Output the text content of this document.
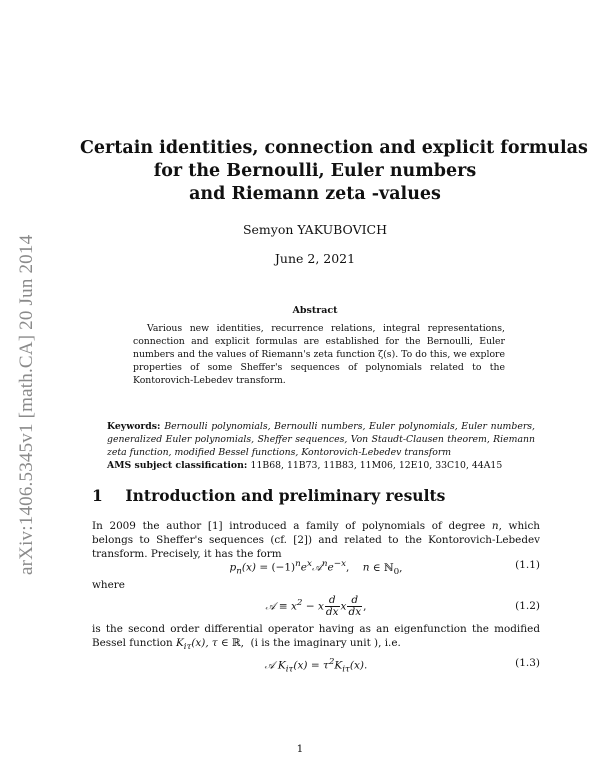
arXiv:1406.5345v1 [math.CA] 20 Jun 2014
Certain identities, connection and explicit formulas
for the Bernoulli, Euler numbers
and Riemann zeta -values
Semyon YAKUBOVICH
June 2, 2021
Abstract

Various new identities, recurrence relations, integral representations, connection and explicit formulas are established for the Bernoulli, Euler numbers and the values of Riemann's zeta function ζ(s). To do this, we explore properties of some Sheffer's sequences of polynomials related to the Kontorovich-Lebedev transform.

Keywords: Bernoulli polynomials, Bernoulli numbers, Euler polynomials, Euler numbers, generalized Euler polynomials, Sheffer sequences, Von Staudt-Clausen theorem, Riemann zeta function, modified Bessel functions, Kontorovich-Lebedev transform
AMS subject classification: 11B68, 11B73, 11B83, 11M06, 12E10, 33C10, 44A15
1 Introduction and preliminary results
In 2009 the author [1] introduced a family of polynomials of degree n, which belongs to Sheffer's sequences (cf. [2]) and related to the Kontorovich-Lebedev transform. Precisely, it has the form
$p_n(x)$ = $(-1)^ne^x𝒜^ne^{-x}$,    n ∈ ℕ$_0$,	(1.1)
where
𝒜 ≡ $x^2 - x \frac{d}{dx}$ x $\frac{d}{dx}$ ,	(1.2)
is the second order differential operator having as an eigenfunction the modified Bessel function $K_{i\tau}(x)$, τ ∈ ℝ,  (i is the imaginary unit ), i.e.
𝒜 $K_{i\tau}(x) = \tau^2K_{i\tau}(x)$.	(1.3)
1
